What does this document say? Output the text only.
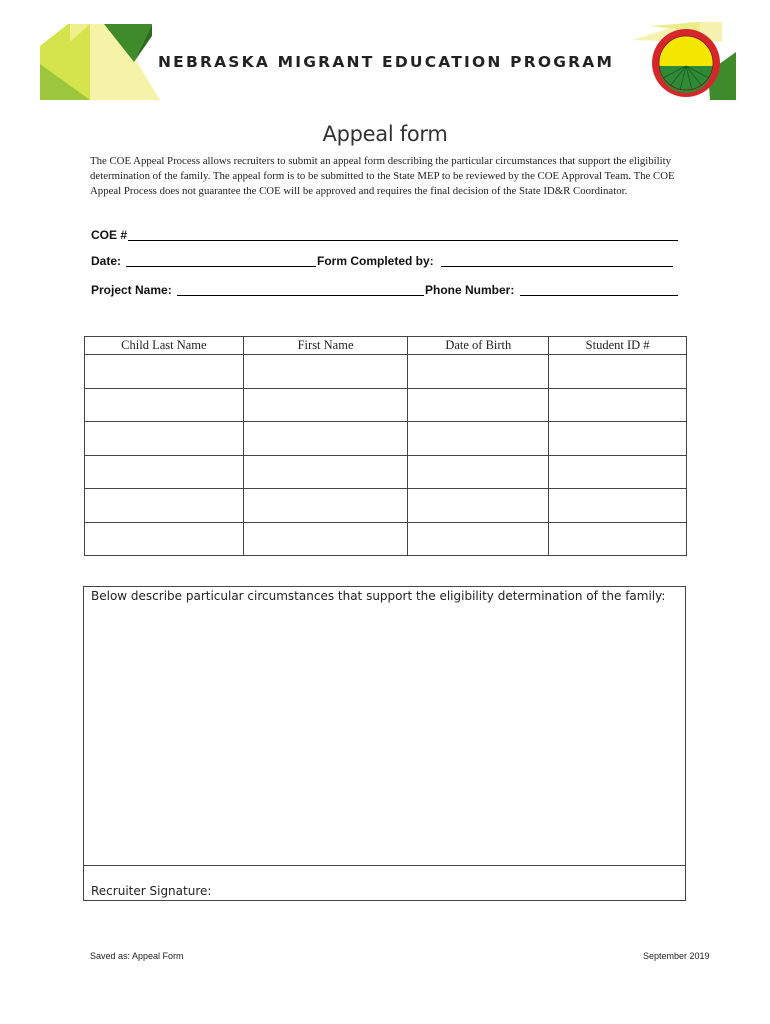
NEBRASKA MIGRANT EDUCATION PROGRAM
Appeal form
The COE Appeal Process allows recruiters to submit an appeal form describing the particular circumstances that support the eligibility determination of the family. The appeal form is to be submitted to the State MEP to be reviewed by the COE Approval Team. The COE Appeal Process does not guarantee the COE will be approved and requires the final decision of the State ID&R Coordinator.
COE #
Date:	Form Completed by:
Project Name:	Phone Number:
Child Last Name	First Name	Date of Birth	Student ID #

Below describe particular circumstances that support the eligibility determination of the family:
Recruiter Signature:
Saved as: Appeal Form	September 2019
